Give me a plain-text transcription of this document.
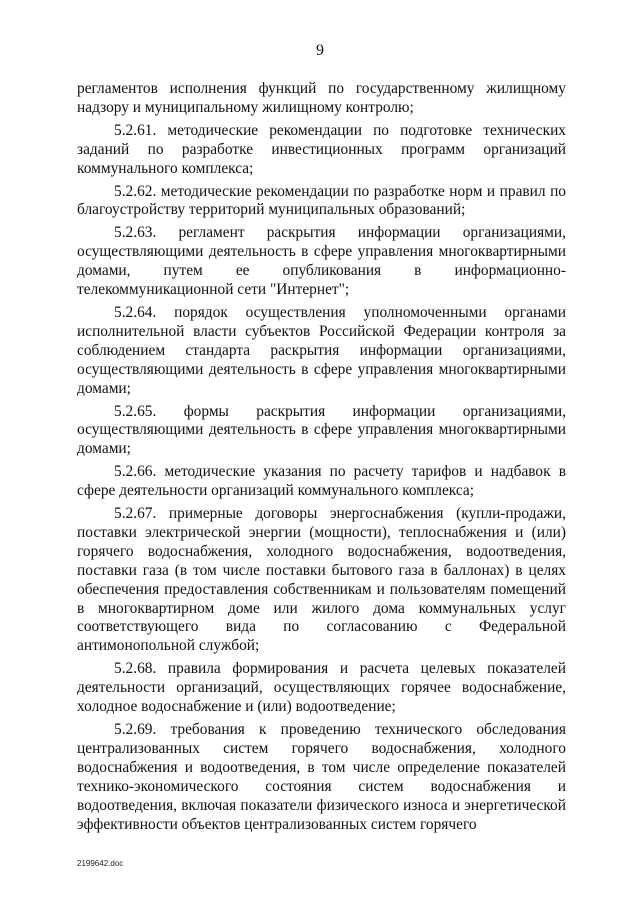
9

регламентов исполнения функций по государственному жилищному надзору и муниципальному жилищному контролю;

5.2.61. методические рекомендации по подготовке технических заданий по разработке инвестиционных программ организаций коммунального комплекса;

5.2.62. методические рекомендации по разработке норм и правил по благоустройству территорий муниципальных образований;

5.2.63. регламент раскрытия информации организациями, осуществляющими деятельность в сфере управления многоквартирными домами, путем ее опубликования в информационно-телекоммуникационной сети "Интернет";

5.2.64. порядок осуществления уполномоченными органами исполнительной власти субъектов Российской Федерации контроля за соблюдением стандарта раскрытия информации организациями, осуществляющими деятельность в сфере управления многоквартирными домами;

5.2.65. формы раскрытия информации организациями, осуществляющими деятельность в сфере управления многоквартирными домами;

5.2.66. методические указания по расчету тарифов и надбавок в сфере деятельности организаций коммунального комплекса;

5.2.67. примерные договоры энергоснабжения (купли-продажи, поставки электрической энергии (мощности), теплоснабжения и (или) горячего водоснабжения, холодного водоснабжения, водоотведения, поставки газа (в том числе поставки бытового газа в баллонах) в целях обеспечения предоставления собственникам и пользователям помещений в многоквартирном доме или жилого дома коммунальных услуг соответствующего вида по согласованию с Федеральной антимонопольной службой;

5.2.68. правила формирования и расчета целевых показателей деятельности организаций, осуществляющих горячее водоснабжение, холодное водоснабжение и (или) водоотведение;

5.2.69. требования к проведению технического обследования централизованных систем горячего водоснабжения, холодного водоснабжения и водоотведения, в том числе определение показателей технико-экономического состояния систем водоснабжения и водоотведения, включая показатели физического износа и энергетической эффективности объектов централизованных систем горячего

2199642.doc
